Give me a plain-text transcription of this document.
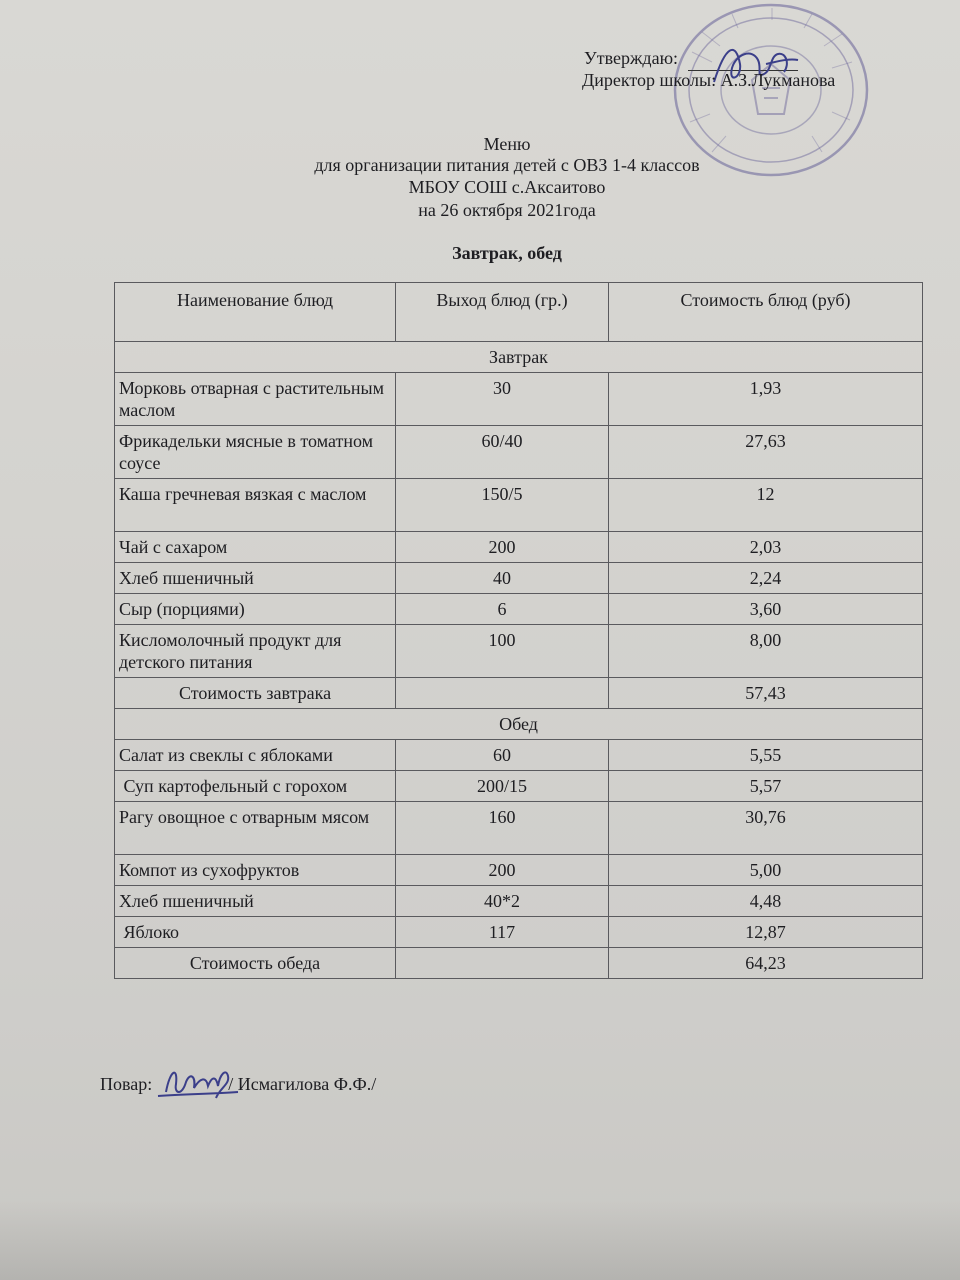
Утверждаю:
Директор школы: А.З.Лукманова
Меню
для организации питания детей с ОВЗ 1-4 классов
МБОУ СОШ с.Аксаитово
на 26 октября 2021года
Завтрак, обед
Наименование блюд	Выход блюд (гр.)	Стоимость блюд (руб)
Завтрак		
Морковь отварная с растительным маслом	30	1,93
Фрикадельки мясные в томатном соусе	60/40	27,63
Каша гречневая вязкая с маслом	150/5	12
Чай с сахаром	200	2,03
Хлеб пшеничный	40	2,24
Сыр (порциями)	6	3,60
Кисломолочный продукт для детского питания	100	8,00
Стоимость завтрака		57,43
Обед		
Салат из свеклы с яблоками	60	5,55
Суп картофельный с горохом	200/15	5,57
Рагу овощное с отварным мясом	160	30,76
Компот из сухофруктов	200	5,00
Хлеб пшеничный	40*2	4,48
Яблоко	117	12,87
Стоимость обеда		64,23
Повар:	/ Исмагилова Ф.Ф./
